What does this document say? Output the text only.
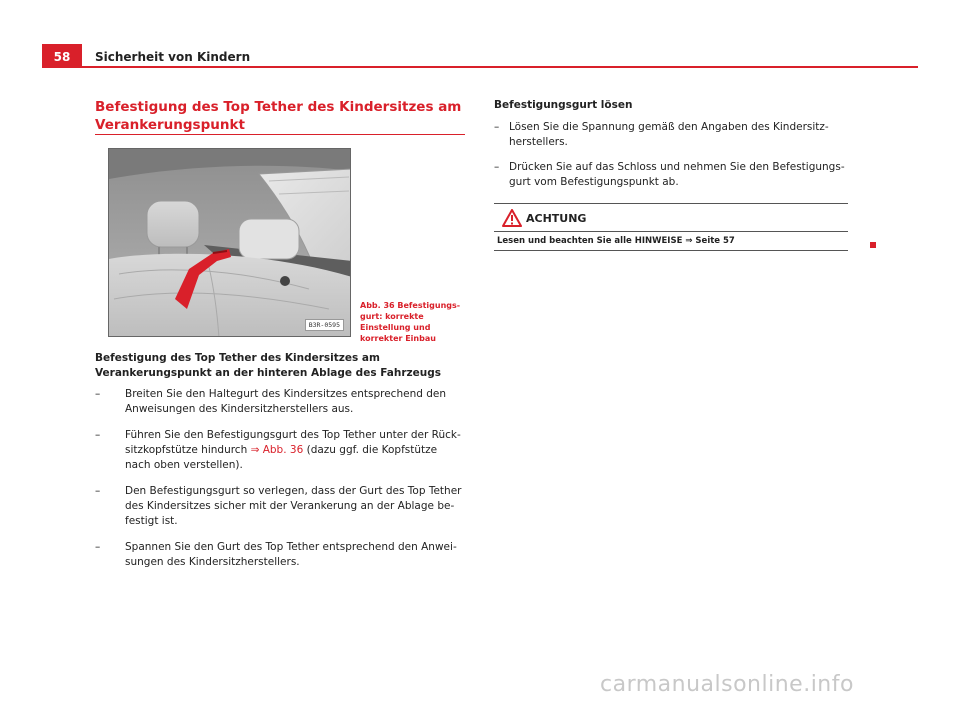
58	Sicherheit von Kindern
Befestigung des Top Tether des Kindersitzes am Verankerungspunkt
B3R-0595
Abb. 36 Befestigungsgurt: korrekte Einstellung und korrekter Einbau
Befestigung des Top Tether des Kindersitzes am Verankerungspunkt an der hinteren Ablage des Fahrzeugs
– Breiten Sie den Haltegurt des Kindersitzes entsprechend den Anweisungen des Kindersitzherstellers aus.
– Führen Sie den Befestigungsgurt des Top Tether unter der Rücksitzkopfstütze hindurch ⇒ Abb. 36 (dazu ggf. die Kopfstütze nach oben verstellen).
– Den Befestigungsgurt so verlegen, dass der Gurt des Top Tether des Kindersitzes sicher mit der Verankerung an der Ablage befestigt ist.
– Spannen Sie den Gurt des Top Tether entsprechend den Anweisungen des Kindersitzherstellers.
Befestigungsgurt lösen
– Lösen Sie die Spannung gemäß den Angaben des Kindersitzherstellers.
– Drücken Sie auf das Schloss und nehmen Sie den Befestigungsgurt vom Befestigungspunkt ab.
ACHTUNG
Lesen und beachten Sie alle HINWEISE ⇒ Seite 57
carmanualsonline.info
